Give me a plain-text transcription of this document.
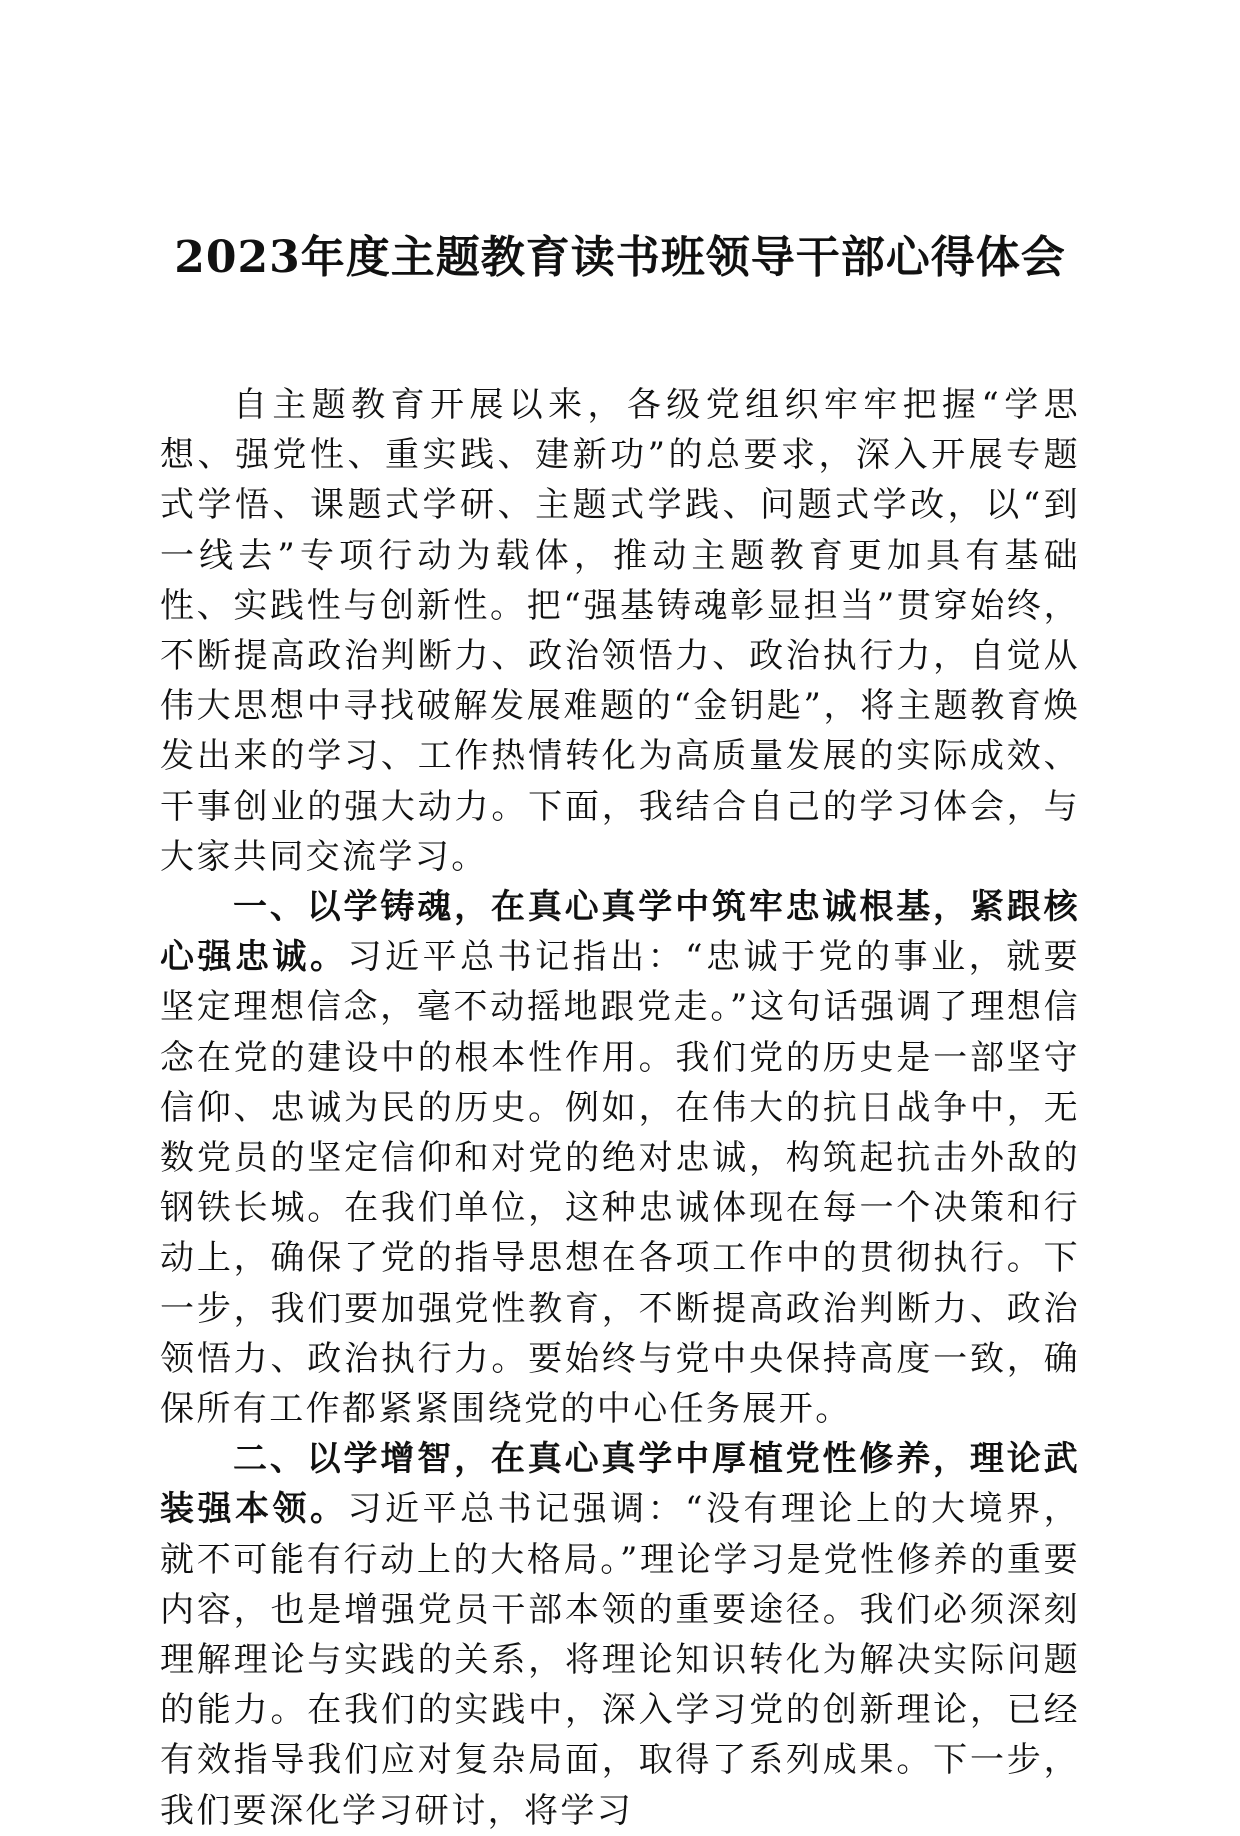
2023年度主题教育读书班领导干部心得体会

自主题教育开展以来，各级党组织牢牢把握“学思想、强党性、重实践、建新功”的总要求，深入开展专题式学悟、课题式学研、主题式学践、问题式学改，以“到一线去”专项行动为载体，推动主题教育更加具有基础性、实践性与创新性。把“强基铸魂彰显担当”贯穿始终，不断提高政治判断力、政治领悟力、政治执行力，自觉从伟大思想中寻找破解发展难题的“金钥匙”，将主题教育焕发出来的学习、工作热情转化为高质量发展的实际成效、干事创业的强大动力。下面，我结合自己的学习体会，与大家共同交流学习。

一、以学铸魂，在真心真学中筑牢忠诚根基，紧跟核心强忠诚。习近平总书记指出：“忠诚于党的事业，就要坚定理想信念，毫不动摇地跟党走。”这句话强调了理想信念在党的建设中的根本性作用。我们党的历史是一部坚守信仰、忠诚为民的历史。例如，在伟大的抗日战争中，无数党员的坚定信仰和对党的绝对忠诚，构筑起抗击外敌的钢铁长城。在我们单位，这种忠诚体现在每一个决策和行动上，确保了党的指导思想在各项工作中的贯彻执行。下一步，我们要加强党性教育，不断提高政治判断力、政治领悟力、政治执行力。要始终与党中央保持高度一致，确保所有工作都紧紧围绕党的中心任务展开。

二、以学增智，在真心真学中厚植党性修养，理论武装强本领。习近平总书记强调：“没有理论上的大境界，就不可能有行动上的大格局。”理论学习是党性修养的重要内容，也是增强党员干部本领的重要途径。我们必须深刻理解理论与实践的关系，将理论知识转化为解决实际问题的能力。在我们的实践中，深入学习党的创新理论，已经有效指导我们应对复杂局面，取得了系列成果。下一步，我们要深化学习研讨，将学习
